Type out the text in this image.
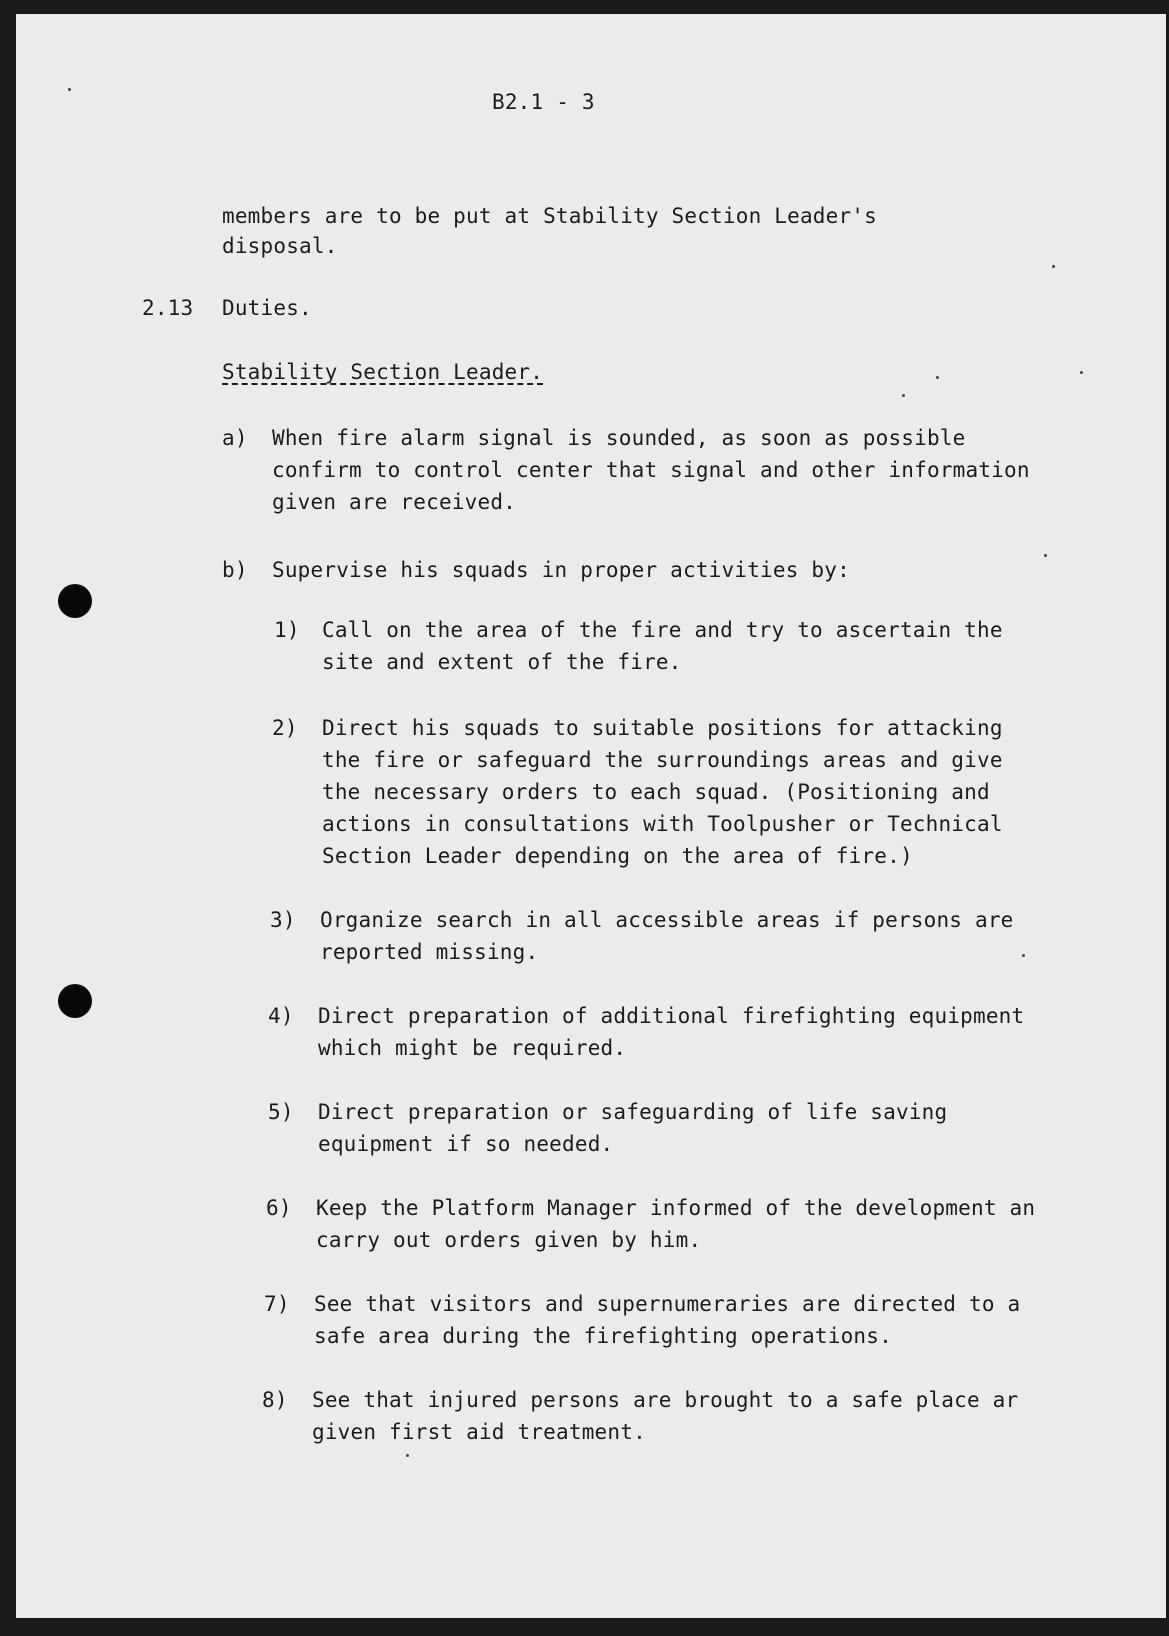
B2.1 - 3
members are to be put at Stability Section Leader's
disposal.
2.13 Duties.
Stability Section Leader.
a) When fire alarm signal is sounded, as soon as possible
confirm to control center that signal and other information
given are received.
b) Supervise his squads in proper activities by:
1) Call on the area of the fire and try to ascertain the
site and extent of the fire.
2) Direct his squads to suitable positions for attacking
the fire or safeguard the surroundings areas and give
the necessary orders to each squad. (Positioning and
actions in consultations with Toolpusher or Technical
Section Leader depending on the area of fire.)
3) Organize search in all accessible areas if persons are
reported missing.
4) Direct preparation of additional firefighting equipment
which might be required.
5) Direct preparation or safeguarding of life saving
equipment if so needed.
6) Keep the Platform Manager informed of the development an
carry out orders given by him.
7) See that visitors and supernumeraries are directed to a
safe area during the firefighting operations.
8) See that injured persons are brought to a safe place ar
given first aid treatment.
